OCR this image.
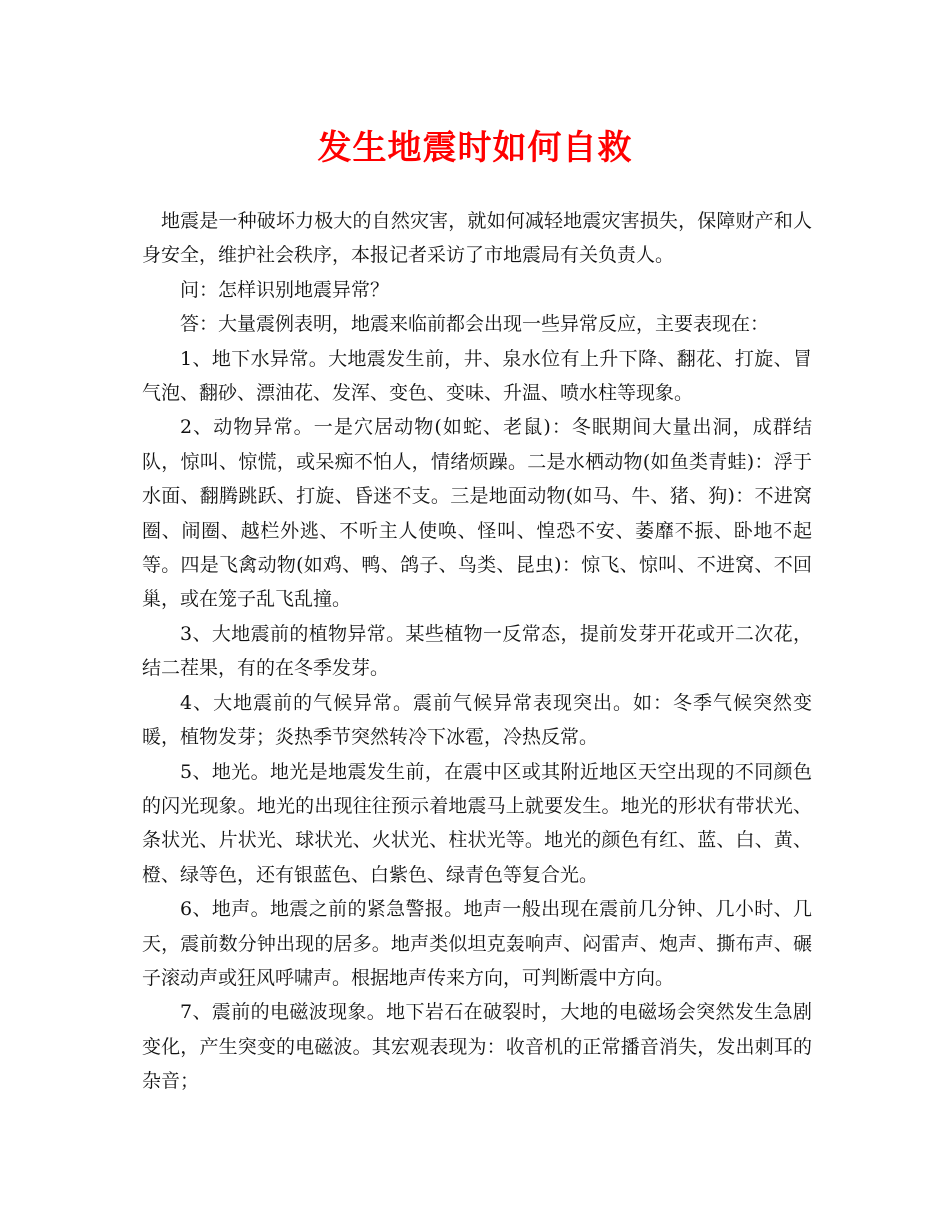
发生地震时如何自救

地震是一种破坏力极大的自然灾害，就如何减轻地震灾害损失，保障财产和人身安全，维护社会秩序，本报记者采访了市地震局有关负责人。

问：怎样识别地震异常？

答：大量震例表明，地震来临前都会出现一些异常反应，主要表现在：

1、地下水异常。大地震发生前，井、泉水位有上升下降、翻花、打旋、冒气泡、翻砂、漂油花、发浑、变色、变味、升温、喷水柱等现象。

2、动物异常。一是穴居动物(如蛇、老鼠)：冬眠期间大量出洞，成群结队，惊叫、惊慌，或呆痴不怕人，情绪烦躁。二是水栖动物(如鱼类青蛙)：浮于水面、翻腾跳跃、打旋、昏迷不支。三是地面动物(如马、牛、猪、狗)：不进窝圈、闹圈、越栏外逃、不听主人使唤、怪叫、惶恐不安、萎靡不振、卧地不起等。四是飞禽动物(如鸡、鸭、鸽子、鸟类、昆虫)：惊飞、惊叫、不进窝、不回巢，或在笼子乱飞乱撞。

3、大地震前的植物异常。某些植物一反常态，提前发芽开花或开二次花，结二茬果，有的在冬季发芽。

4、大地震前的气候异常。震前气候异常表现突出。如：冬季气候突然变暖，植物发芽；炎热季节突然转冷下冰雹，冷热反常。

5、地光。地光是地震发生前，在震中区或其附近地区天空出现的不同颜色的闪光现象。地光的出现往往预示着地震马上就要发生。地光的形状有带状光、条状光、片状光、球状光、火状光、柱状光等。地光的颜色有红、蓝、白、黄、橙、绿等色，还有银蓝色、白紫色、绿青色等复合光。

6、地声。地震之前的紧急警报。地声一般出现在震前几分钟、几小时、几天，震前数分钟出现的居多。地声类似坦克轰响声、闷雷声、炮声、撕布声、碾子滚动声或狂风呼啸声。根据地声传来方向，可判断震中方向。

7、震前的电磁波现象。地下岩石在破裂时，大地的电磁场会突然发生急剧变化，产生突变的电磁波。其宏观表现为：收音机的正常播音消失，发出刺耳的杂音；
